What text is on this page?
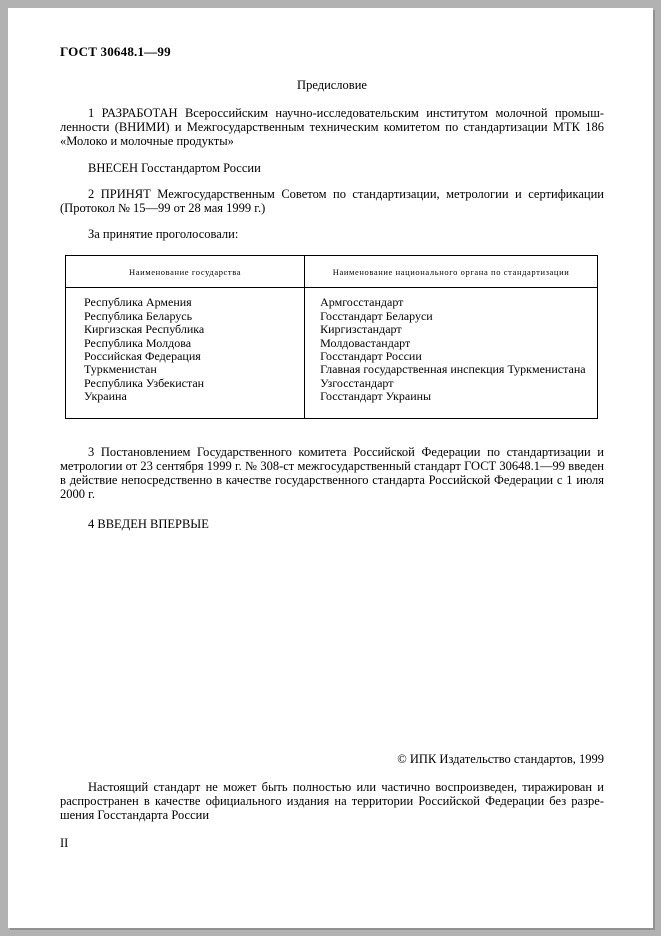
ГОСТ 30648.1—99
Предисловие
1 РАЗРАБОТАН Всероссийским научно-исследовательским институтом молочной промыш-ленности (ВНИМИ) и Межгосударственным техническим комитетом по стандартизации МТК 186 «Молоко и молочные продукты»
ВНЕСЕН Госстандартом России
2 ПРИНЯТ Межгосударственным Советом по стандартизации, метрологии и сертификации (Протокол № 15—99 от 28 мая 1999 г.)
За принятие проголосовали:
Наименование государства	Наименование национального органа по стандартизации
Республика Армения
Республика Беларусь
Киргизская Республика
Республика Молдова
Российская Федерация
Туркменистан
Республика Узбекистан
Украина
Армгосстандарт
Госстандарт Беларуси
Киргизстандарт
Молдовастандарт
Госстандарт России
Главная государственная инспекция Туркменистана
Узгосстандарт
Госстандарт Украины
3 Постановлением Государственного комитета Российской Федерации по стандартизации и метрологии от 23 сентября 1999 г. № 308-ст межгосударственный стандарт ГОСТ 30648.1—99 введен в действие непосредственно в качестве государственного стандарта Российской Федерации с 1 июля 2000 г.
4 ВВЕДЕН ВПЕРВЫЕ
© ИПК Издательство стандартов, 1999
Настоящий стандарт не может быть полностью или частично воспроизведен, тиражирован и распространен в качестве официального издания на территории Российской Федерации без разре-шения Госстандарта России
II
